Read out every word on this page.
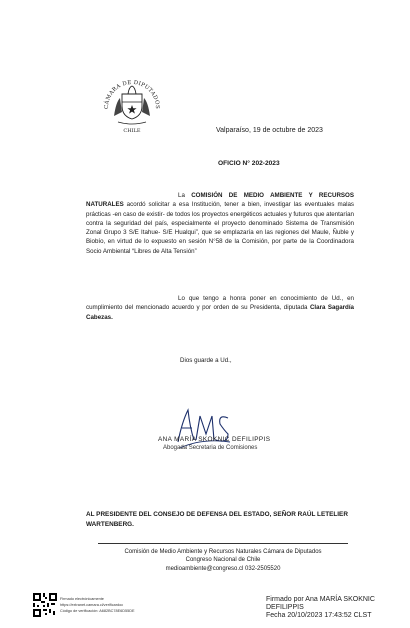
CÁMARA DE DIPUTADOS
CHILE	Valparaíso, 19 de octubre de 2023
OFICIO N° 202-2023
La COMISIÓN DE MEDIO AMBIENTE Y RECURSOS NATURALES acordó solicitar a esa Institución, tener a bien, investigar las eventuales malas prácticas -en caso de existir- de todos los proyectos energéticos actuales y futuros que atentarían contra la seguridad del país, especialmente el proyecto denominado Sistema de Transmisión Zonal Grupo 3 S/E Itahue- S/E Hualqui”, que se emplazaría en las regiones del Maule, Ñuble y Biobío, en virtud de lo expuesto en sesión N°58 de la Comisión, por parte de la Coordinadora Socio Ambiental “Libres de Alta Tensión”
Lo que tengo a honra poner en conocimiento de Ud., en cumplimiento del mencionado acuerdo y por orden de su Presidenta, diputada Clara Sagardía Cabezas.
Dios guarde a Ud.,
ANA MARÍA SKOKNIC DEFILIPPIS
Abogada Secretaria de Comisiones
AL PRESIDENTE DEL CONSEJO DE DEFENSA DEL ESTADO, SEÑOR RAÚL LETELIER WARTENBERG.
Comisión de Medio Ambiente y Recursos Naturales Cámara de Diputados
Congreso Nacional de Chile
medioambiente@congreso.cl 032-2505520
Firmado electrónicamente
https://extranet.camara.cl/verificardoc
Código de verificación: A682BC78E6D55DE
Firmado por Ana MARÍA SKOKNIC
DEFILIPPIS
Fecha 20/10/2023 17:43:52 CLST
